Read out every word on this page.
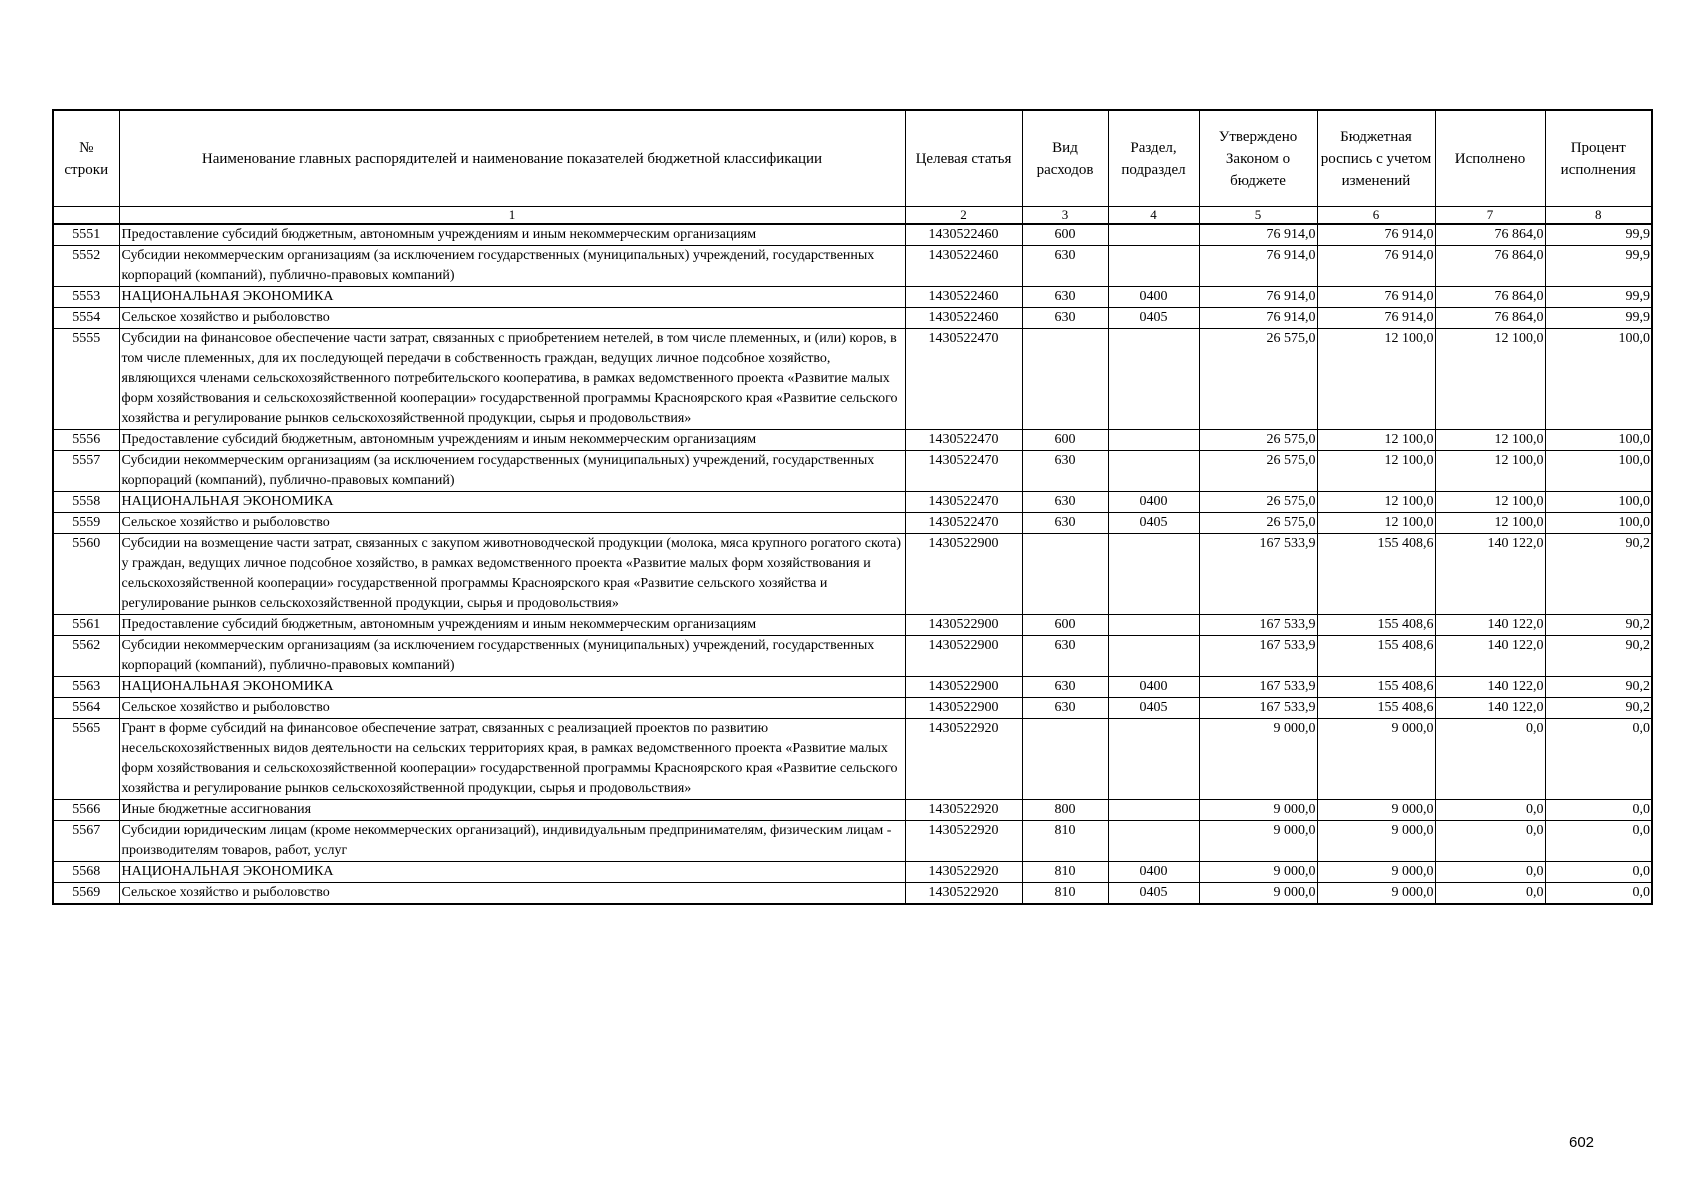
№ строки	Наименование главных распорядителей и наименование показателей бюджетной классификации	Целевая статья	Вид расходов	Раздел, подраздел	Утверждено Законом о бюджете	Бюджетная роспись с учетом изменений	Исполнено	Процент исполнения
	1	2	3	4	5	6	7	8
5551	Предоставление субсидий бюджетным, автономным учреждениям и иным некоммерческим организациям	1430522460	600		76 914,0	76 914,0	76 864,0	99,9
5552	Субсидии некоммерческим организациям (за исключением государственных (муниципальных) учреждений, государственных корпораций (компаний), публично-правовых компаний)	1430522460	630		76 914,0	76 914,0	76 864,0	99,9
5553	НАЦИОНАЛЬНАЯ ЭКОНОМИКА	1430522460	630	0400	76 914,0	76 914,0	76 864,0	99,9
5554	Сельское хозяйство и рыболовство	1430522460	630	0405	76 914,0	76 914,0	76 864,0	99,9
5555	Субсидии на финансовое обеспечение части затрат, связанных с приобретением нетелей, в том числе племенных, и (или) коров, в том числе племенных, для их последующей передачи в собственность граждан, ведущих личное подсобное хозяйство, являющихся членами сельскохозяйственного потребительского кооператива, в рамках ведомственного проекта «Развитие малых форм хозяйствования и сельскохозяйственной кооперации» государственной программы Красноярского края «Развитие сельского хозяйства и регулирование рынков сельскохозяйственной продукции, сырья и продовольствия»	1430522470			26 575,0	12 100,0	12 100,0	100,0
5556	Предоставление субсидий бюджетным, автономным учреждениям и иным некоммерческим организациям	1430522470	600		26 575,0	12 100,0	12 100,0	100,0
5557	Субсидии некоммерческим организациям (за исключением государственных (муниципальных) учреждений, государственных корпораций (компаний), публично-правовых компаний)	1430522470	630		26 575,0	12 100,0	12 100,0	100,0
5558	НАЦИОНАЛЬНАЯ ЭКОНОМИКА	1430522470	630	0400	26 575,0	12 100,0	12 100,0	100,0
5559	Сельское хозяйство и рыболовство	1430522470	630	0405	26 575,0	12 100,0	12 100,0	100,0
5560	Субсидии на возмещение части затрат, связанных с закупом животноводческой продукции (молока, мяса крупного рогатого скота) у граждан, ведущих личное подсобное хозяйство, в рамках ведомственного проекта «Развитие малых форм хозяйствования и сельскохозяйственной кооперации» государственной программы Красноярского края «Развитие сельского хозяйства и регулирование рынков сельскохозяйственной продукции, сырья и продовольствия»	1430522900			167 533,9	155 408,6	140 122,0	90,2
5561	Предоставление субсидий бюджетным, автономным учреждениям и иным некоммерческим организациям	1430522900	600		167 533,9	155 408,6	140 122,0	90,2
5562	Субсидии некоммерческим организациям (за исключением государственных (муниципальных) учреждений, государственных корпораций (компаний), публично-правовых компаний)	1430522900	630		167 533,9	155 408,6	140 122,0	90,2
5563	НАЦИОНАЛЬНАЯ ЭКОНОМИКА	1430522900	630	0400	167 533,9	155 408,6	140 122,0	90,2
5564	Сельское хозяйство и рыболовство	1430522900	630	0405	167 533,9	155 408,6	140 122,0	90,2
5565	Грант в форме субсидий на финансовое обеспечение затрат, связанных с реализацией проектов по развитию несельскохозяйственных видов деятельности на сельских территориях края, в рамках ведомственного проекта «Развитие малых форм хозяйствования и сельскохозяйственной кооперации» государственной программы Красноярского края «Развитие сельского хозяйства и регулирование рынков сельскохозяйственной продукции, сырья и продовольствия»	1430522920			9 000,0	9 000,0	0,0	0,0
5566	Иные бюджетные ассигнования	1430522920	800		9 000,0	9 000,0	0,0	0,0
5567	Субсидии юридическим лицам (кроме некоммерческих организаций), индивидуальным предпринимателям, физическим лицам - производителям товаров, работ, услуг	1430522920	810		9 000,0	9 000,0	0,0	0,0
5568	НАЦИОНАЛЬНАЯ ЭКОНОМИКА	1430522920	810	0400	9 000,0	9 000,0	0,0	0,0
5569	Сельское хозяйство и рыболовство	1430522920	810	0405	9 000,0	9 000,0	0,0	0,0
602
